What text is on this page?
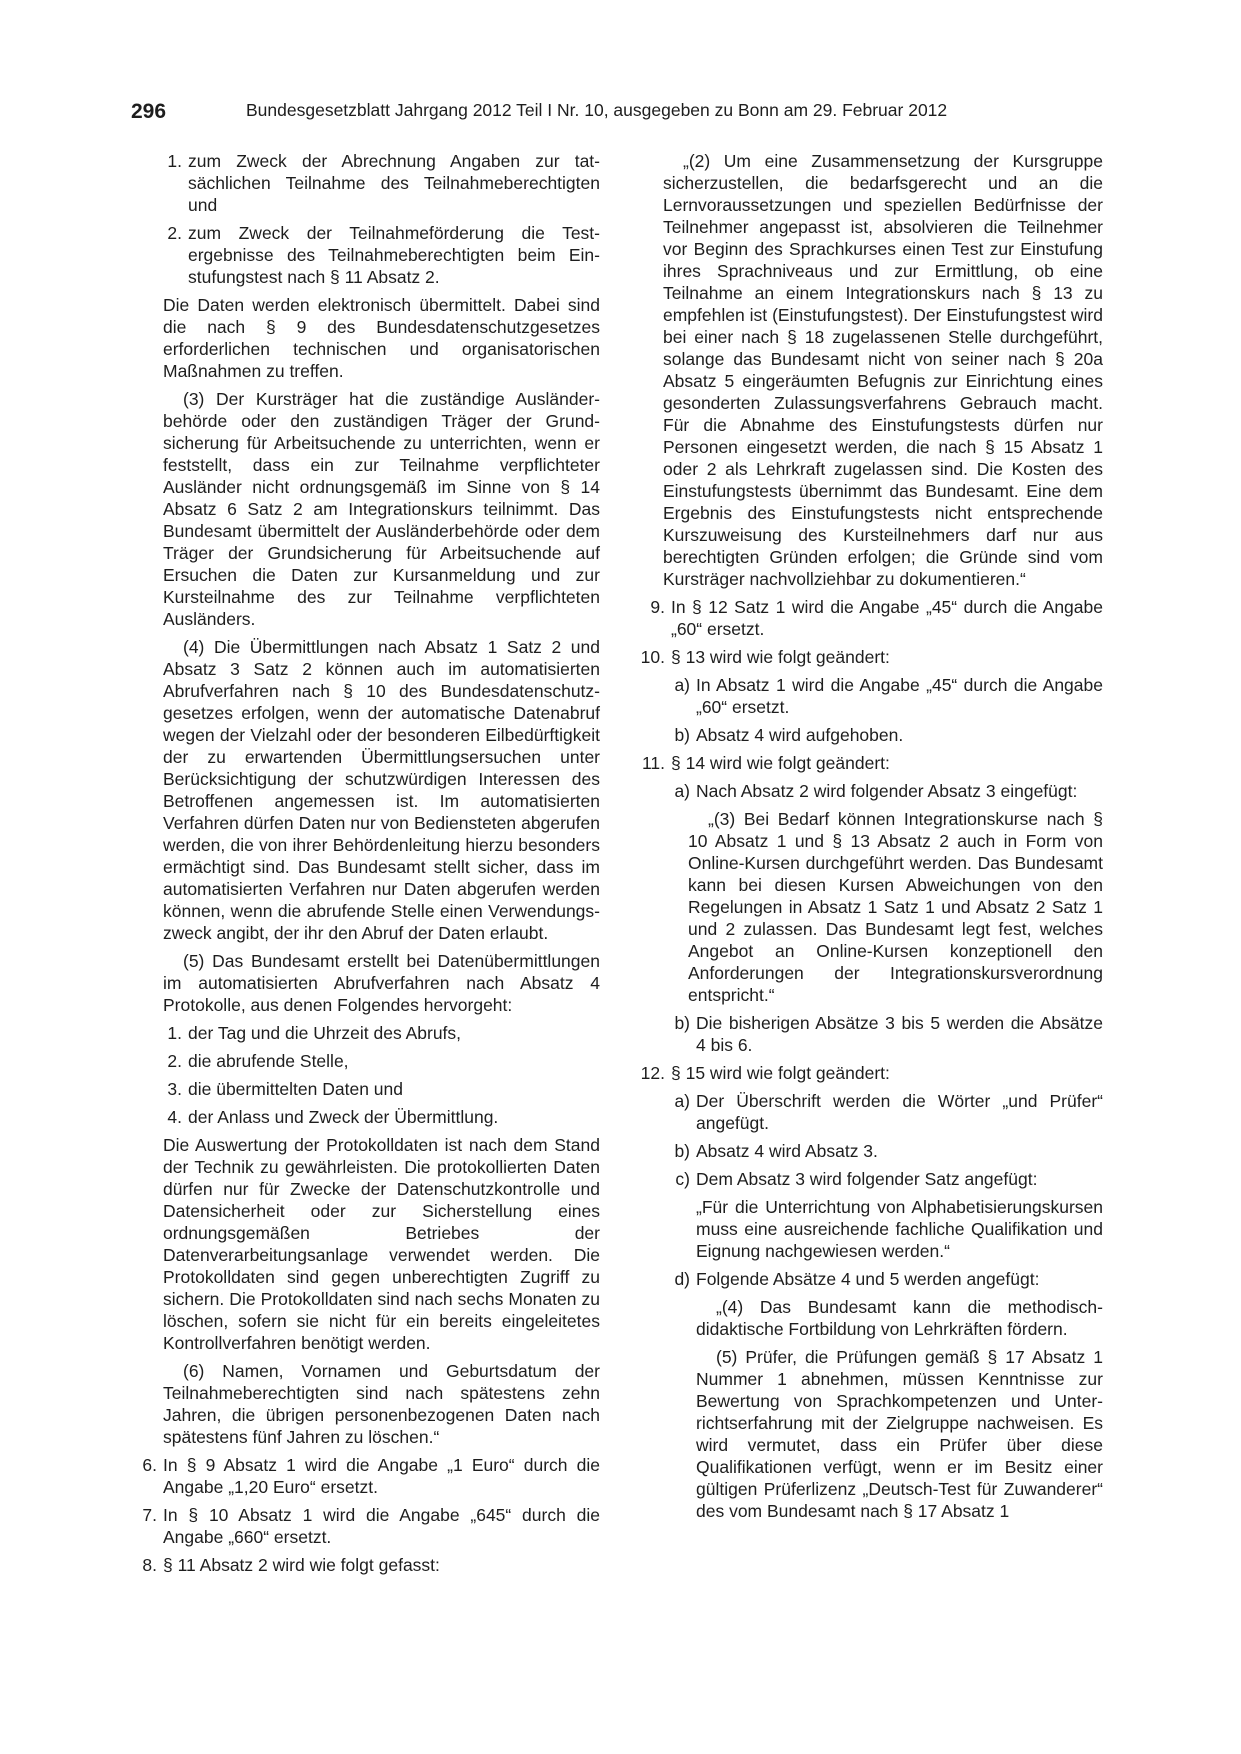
296	Bundesgesetzblatt Jahrgang 2012 Teil I Nr. 10, ausgegeben zu Bonn am 29. Februar 2012
1. zum Zweck der Abrechnung Angaben zur tatsächlichen Teilnahme des Teilnahmeberechtigten und
2. zum Zweck der Teilnahmeförderung die Testergebnisse des Teilnahmeberechtigten beim Einstufungstest nach § 11 Absatz 2.

Die Daten werden elektronisch übermittelt. Dabei sind die nach § 9 des Bundesdatenschutzgesetzes erforderlichen technischen und organisatorischen Maßnahmen zu treffen.

(3) Der Kursträger hat die zuständige Ausländerbehörde oder den zuständigen Träger der Grundsicherung für Arbeitsuchende zu unterrichten, wenn er feststellt, dass ein zur Teilnahme verpflichteter Ausländer nicht ordnungsgemäß im Sinne von § 14 Absatz 6 Satz 2 am Integrationskurs teilnimmt. Das Bundesamt übermittelt der Ausländerbehörde oder dem Träger der Grundsicherung für Arbeitsuchende auf Ersuchen die Daten zur Kursanmeldung und zur Kursteilnahme des zur Teilnahme verpflichteten Ausländers.

(4) Die Übermittlungen nach Absatz 1 Satz 2 und Absatz 3 Satz 2 können auch im automatisierten Abrufverfahren nach § 10 des Bundesdatenschutzgesetzes erfolgen, wenn der automatische Datenabruf wegen der Vielzahl oder der besonderen Eilbedürftigkeit der zu erwartenden Übermittlungsersuchen unter Berücksichtigung der schutzwürdigen Interessen des Betroffenen angemessen ist. Im automatisierten Verfahren dürfen Daten nur von Bediensteten abgerufen werden, die von ihrer Behördenleitung hierzu besonders ermächtigt sind. Das Bundesamt stellt sicher, dass im automatisierten Verfahren nur Daten abgerufen werden können, wenn die abrufende Stelle einen Verwendungszweck angibt, der ihr den Abruf der Daten erlaubt.

(5) Das Bundesamt erstellt bei Datenübermittlungen im automatisierten Abrufverfahren nach Absatz 4 Protokolle, aus denen Folgendes hervorgeht:

1. der Tag und die Uhrzeit des Abrufs,
2. die abrufende Stelle,
3. die übermittelten Daten und
4. der Anlass und Zweck der Übermittlung.

Die Auswertung der Protokolldaten ist nach dem Stand der Technik zu gewährleisten. Die protokollierten Daten dürfen nur für Zwecke der Datenschutzkontrolle und Datensicherheit oder zur Sicherstellung eines ordnungsgemäßen Betriebes der Datenverarbeitungsanlage verwendet werden. Die Protokolldaten sind gegen unberechtigten Zugriff zu sichern. Die Protokolldaten sind nach sechs Monaten zu löschen, sofern sie nicht für ein bereits eingeleitetes Kontrollverfahren benötigt werden.

(6) Namen, Vornamen und Geburtsdatum der Teilnahmeberechtigten sind nach spätestens zehn Jahren, die übrigen personenbezogenen Daten nach spätestens fünf Jahren zu löschen.“

6. In § 9 Absatz 1 wird die Angabe „1 Euro“ durch die Angabe „1,20 Euro“ ersetzt.
7. In § 10 Absatz 1 wird die Angabe „645“ durch die Angabe „660“ ersetzt.
8. § 11 Absatz 2 wird wie folgt gefasst:

„(2) Um eine Zusammensetzung der Kursgruppe sicherzustellen, die bedarfsgerecht und an die Lernvoraussetzungen und speziellen Bedürfnisse der Teilnehmer angepasst ist, absolvieren die Teilnehmer vor Beginn des Sprachkurses einen Test zur Einstufung ihres Sprachniveaus und zur Ermittlung, ob eine Teilnahme an einem Integrationskurs nach § 13 zu empfehlen ist (Einstufungstest). Der Einstufungstest wird bei einer nach § 18 zugelassenen Stelle durchgeführt, solange das Bundesamt nicht von seiner nach § 20a Absatz 5 eingeräumten Befugnis zur Einrichtung eines gesonderten Zulassungsverfahrens Gebrauch macht. Für die Abnahme des Einstufungstests dürfen nur Personen eingesetzt werden, die nach § 15 Absatz 1 oder 2 als Lehrkraft zugelassen sind. Die Kosten des Einstufungstests übernimmt das Bundesamt. Eine dem Ergebnis des Einstufungstests nicht entsprechende Kurszuweisung des Kursteilnehmers darf nur aus berechtigten Gründen erfolgen; die Gründe sind vom Kursträger nachvollziehbar zu dokumentieren.“

9. In § 12 Satz 1 wird die Angabe „45“ durch die Angabe „60“ ersetzt.
10. § 13 wird wie folgt geändert:
a) In Absatz 1 wird die Angabe „45“ durch die Angabe „60“ ersetzt.
b) Absatz 4 wird aufgehoben.
11. § 14 wird wie folgt geändert:
a) Nach Absatz 2 wird folgender Absatz 3 eingefügt:

„(3) Bei Bedarf können Integrationskurse nach § 10 Absatz 1 und § 13 Absatz 2 auch in Form von Online-Kursen durchgeführt werden. Das Bundesamt kann bei diesen Kursen Abweichungen von den Regelungen in Absatz 1 Satz 1 und Absatz 2 Satz 1 und 2 zulassen. Das Bundesamt legt fest, welches Angebot an Online-Kursen konzeptionell den Anforderungen der Integrationskursverordnung entspricht.“

b) Die bisherigen Absätze 3 bis 5 werden die Absätze 4 bis 6.
12. § 15 wird wie folgt geändert:
a) Der Überschrift werden die Wörter „und Prüfer“ angefügt.
b) Absatz 4 wird Absatz 3.
c) Dem Absatz 3 wird folgender Satz angefügt:

„Für die Unterrichtung von Alphabetisierungskursen muss eine ausreichende fachliche Qualifikation und Eignung nachgewiesen werden.“

d) Folgende Absätze 4 und 5 werden angefügt:

„(4) Das Bundesamt kann die methodisch-didaktische Fortbildung von Lehrkräften fördern.

(5) Prüfer, die Prüfungen gemäß § 17 Absatz 1 Nummer 1 abnehmen, müssen Kenntnisse zur Bewertung von Sprachkompetenzen und Unterrichtserfahrung mit der Zielgruppe nachweisen. Es wird vermutet, dass ein Prüfer über diese Qualifikationen verfügt, wenn er im Besitz einer gültigen Prüferlizenz „Deutsch-Test für Zuwanderer“ des vom Bundesamt nach § 17 Absatz 1
